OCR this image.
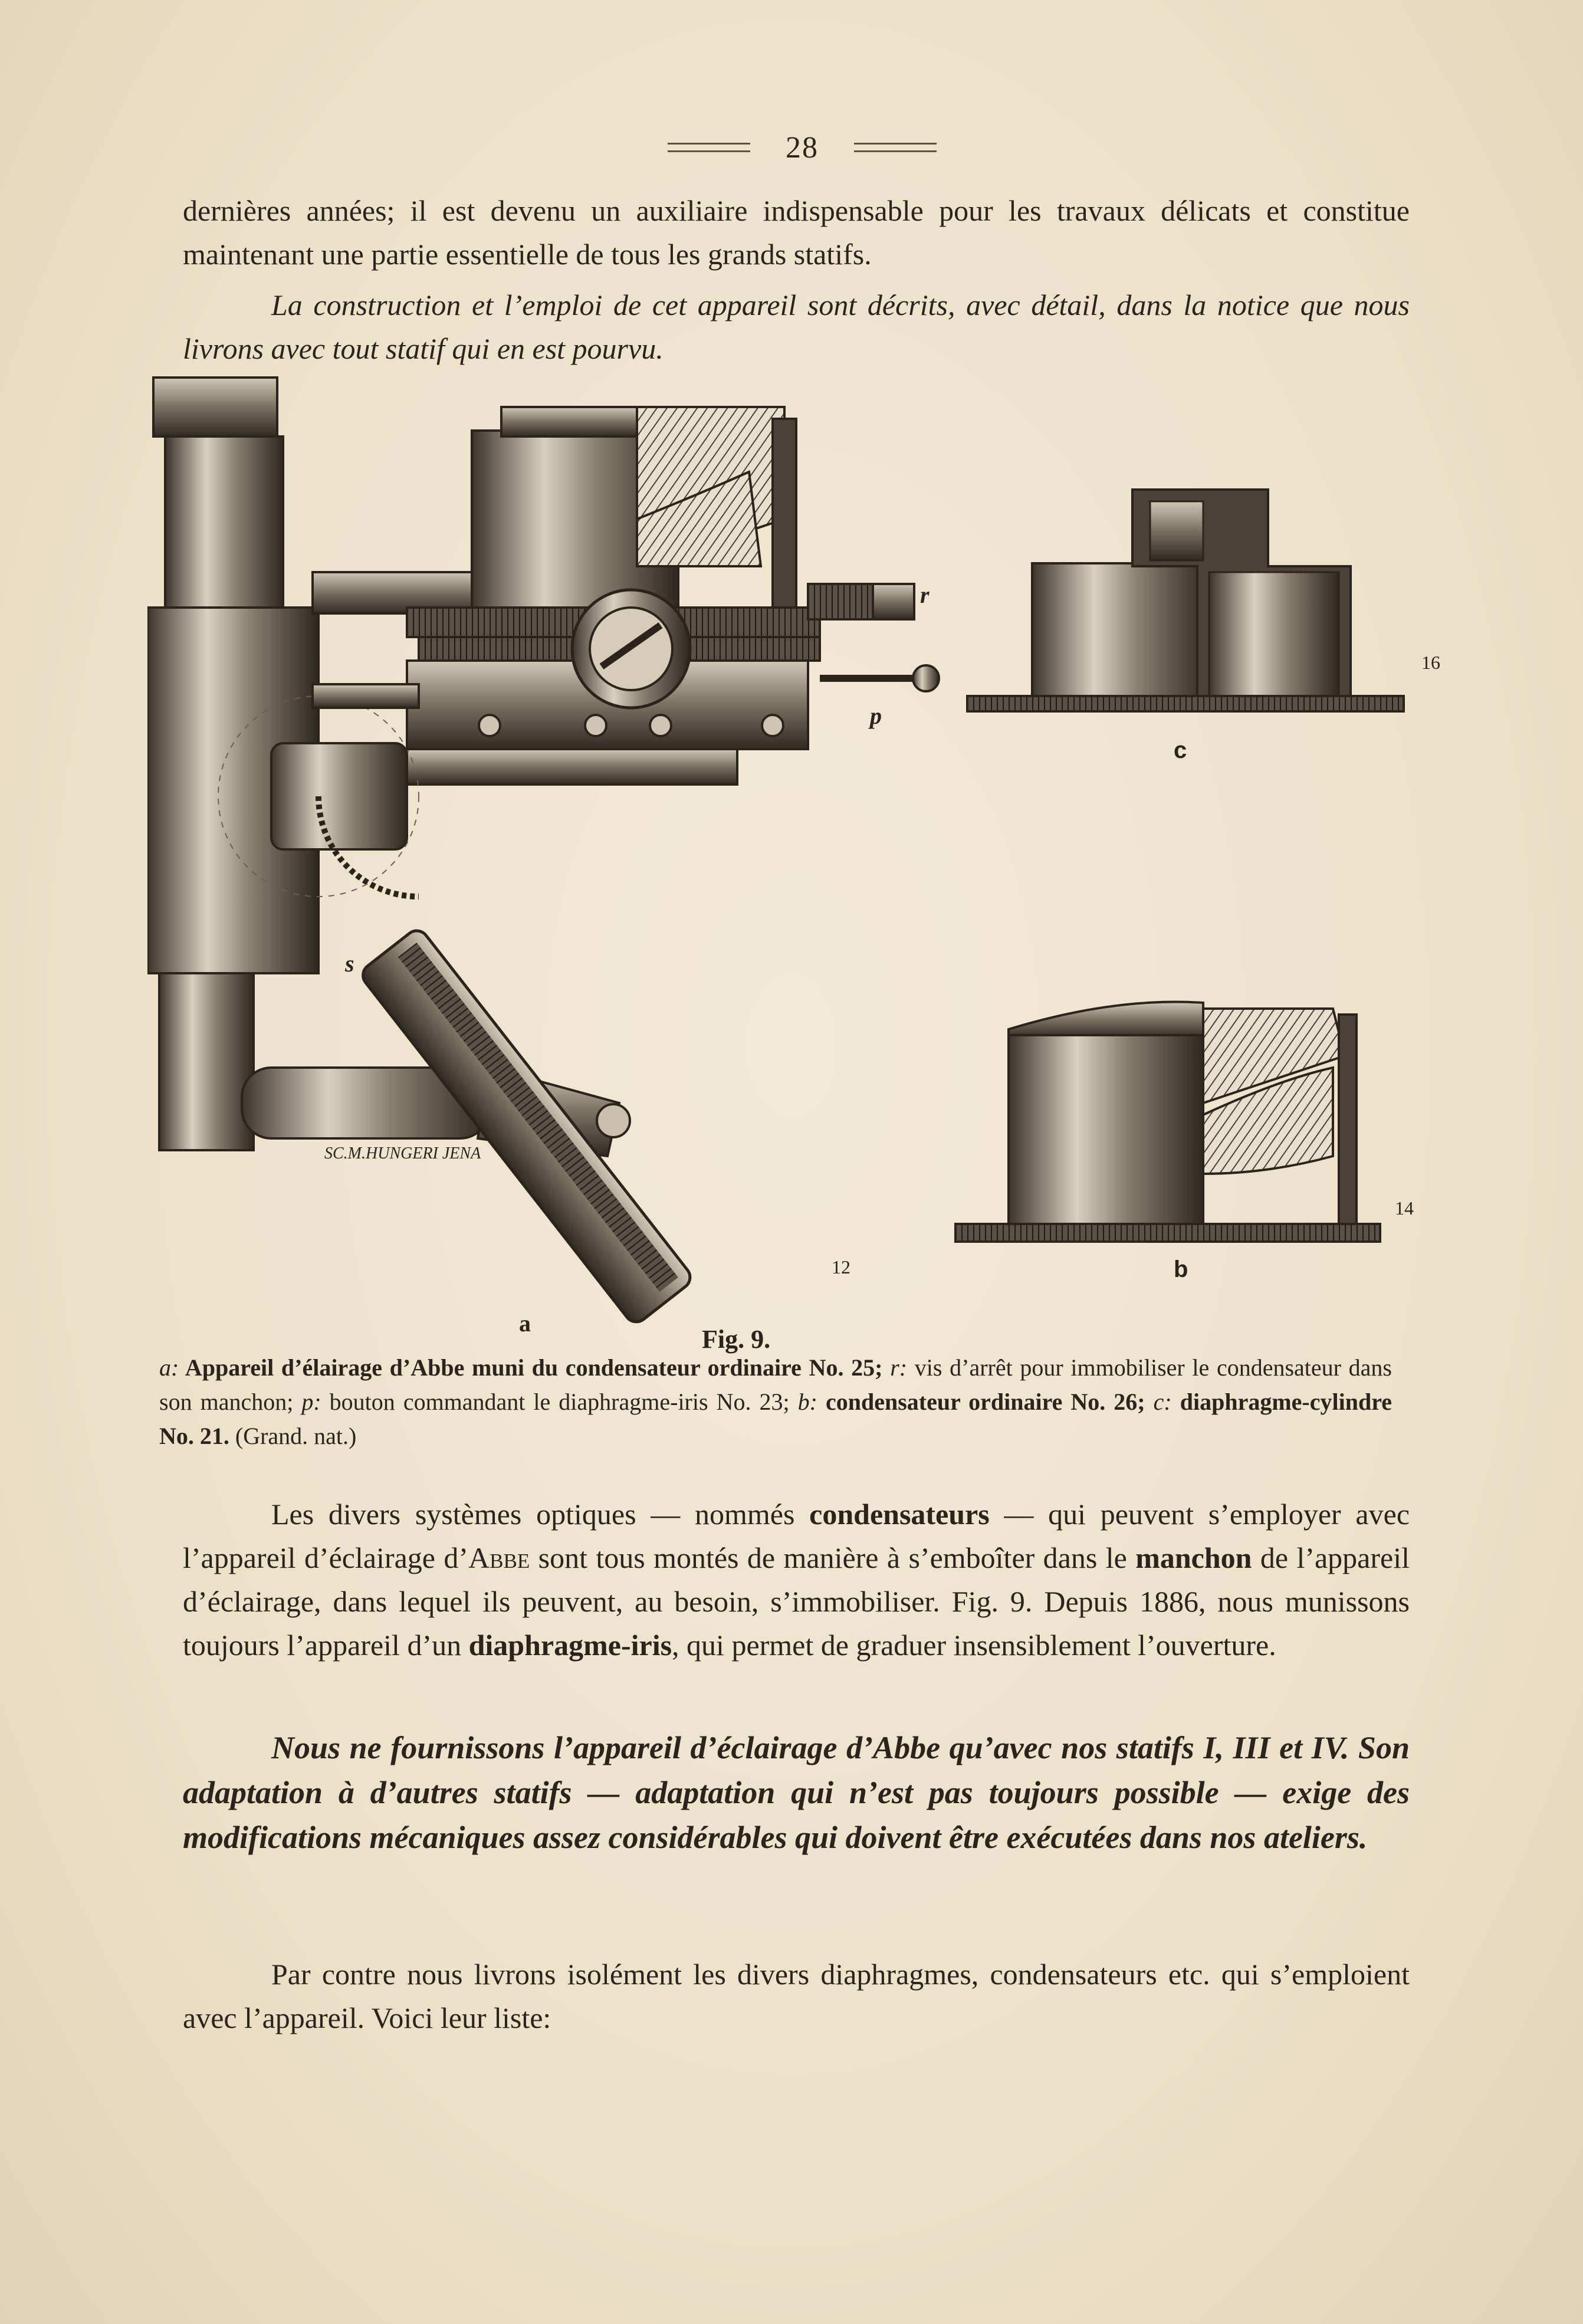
28

dernières années; il est devenu un auxiliaire indispensable pour les travaux délicats et constitue maintenant une partie essentielle de tous les grands statifs.

La construction et l’emploi de cet appareil sont décrits, avec détail, dans la notice que nous livrons avec tout statif qui en est pourvu.

SC.M.HUNGERI JENA
a
b
c
r
p
s
12
14
16
Fig. 9.

a: Appareil d’élairage d’Abbe muni du condensateur ordinaire No. 25; r: vis d’arrêt pour immobiliser le condensateur dans son manchon; p: bouton commandant le diaphragme-iris No. 23; b: condensateur ordinaire No. 26; c: diaphragme-cylindre No. 21. (Grand. nat.)

Les divers systèmes optiques — nommés condensateurs — qui peuvent s’employer avec l’appareil d’éclairage d’Abbe sont tous montés de manière à s’emboîter dans le manchon de l’appareil d’éclairage, dans lequel ils peuvent, au besoin, s’immobiliser. Fig. 9. Depuis 1886, nous munissons toujours l’appareil d’un diaphragme-iris, qui permet de graduer insensiblement l’ouverture.

Nous ne fournissons l’appareil d’éclairage d’Abbe qu’avec nos statifs I, III et IV. Son adaptation à d’autres statifs — adaptation qui n’est pas toujours possible — exige des modifications mécaniques assez considérables qui doivent être exécutées dans nos ateliers.

Par contre nous livrons isolément les divers diaphragmes, condensateurs etc. qui s’emploient avec l’appareil. Voici leur liste:
